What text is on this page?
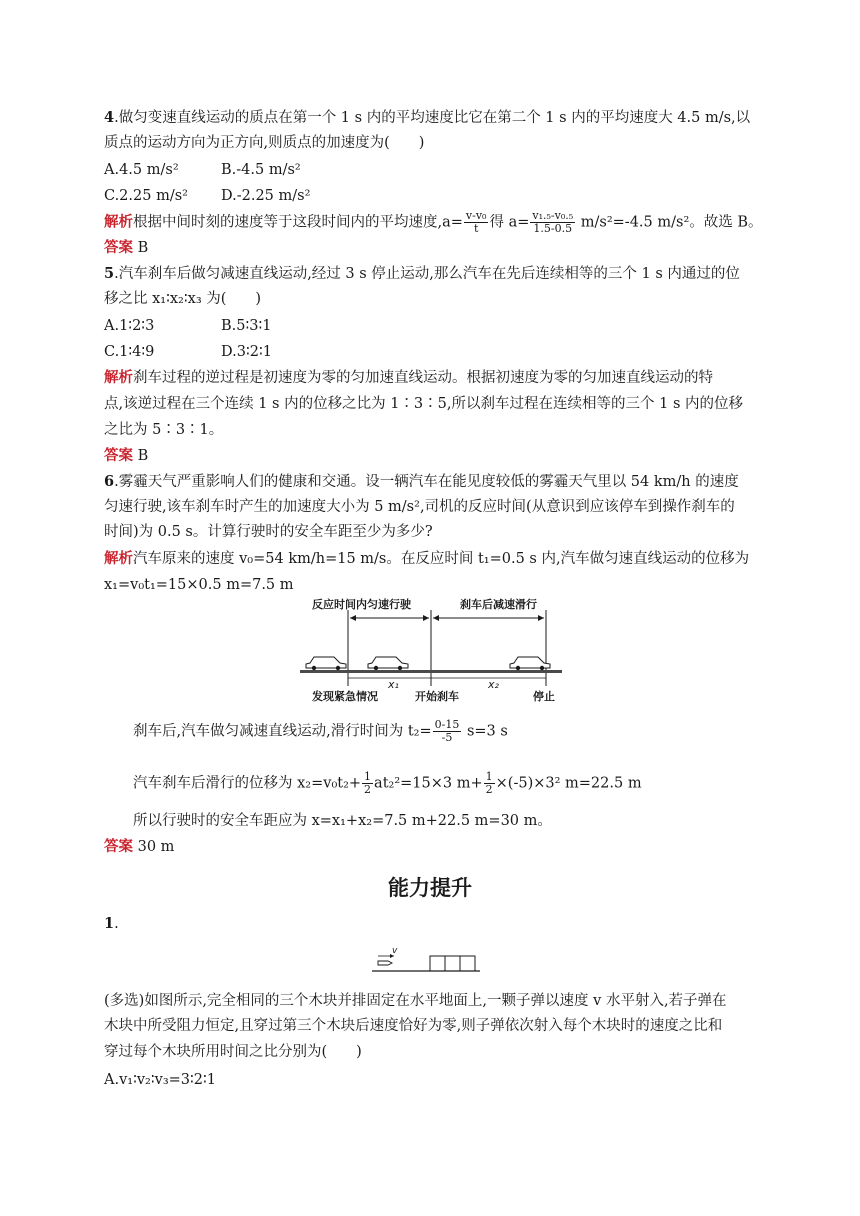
4.做匀变速直线运动的质点在第一个 1 s 内的平均速度比它在第二个 1 s 内的平均速度大 4.5 m/s,以
质点的运动方向为正方向,则质点的加速度为(　　)
A.4.5 m/s²	B.-4.5 m/s²
C.2.25 m/s² D.-2.25 m/s²
解析根据中间时刻的速度等于这段时间内的平均速度$,a= \frac{\text{v-v₀}}{t}$ 得 $a= \frac{\text{v₁.₅-v₀.₅}}{1.5-0.5} m/s^2=-4.5$ m/s²。故选 B。
答案 B
5.汽车刹车后做匀减速直线运动,经过 3 s 停止运动,那么汽车在先后连续相等的三个 1 s 内通过的位
移之比 x₁∶x₂∶x₃ 为(　　)
A.1∶2∶3	B.5∶3∶1
C.1∶4∶9	D.3∶2∶1
解析刹车过程的逆过程是初速度为零的匀加速直线运动。根据初速度为零的匀加速直线运动的特
点,该逆过程在三个连续 1 s 内的位移之比为 1∶3∶5,所以刹车过程在连续相等的三个 1 s 内的位移
之比为 5∶3∶1。
答案 B
6.雾霾天气严重影响人们的健康和交通。设一辆汽车在能见度较低的雾霾天气里以 54 km/h 的速度
匀速行驶,该车刹车时产生的加速度大小为 5 m/s²,司机的反应时间(从意识到应该停车到操作刹车的
时间)为 0.5 s。计算行驶时的安全车距至少为多少?
解析汽车原来的速度 v₀=54 km/h=15 m/s。在反应时间 t₁=0.5 s 内,汽车做匀速直线运动的位移为
x₁=v₀t₁=15×0.5 m=7.5 m
反应时间内匀速行驶	刹车后减速滑行
x₁	x₂
发现紧急情况	开始刹车	停止
刹车后,汽车做匀减速直线运动,滑行时间为 $t_2= \frac{0-15}{-5} s=3$ s
汽车刹车后滑行的位移为 $x_2=v_0t_2+ \frac{1}{2} at_2^2=15\times 3$ $m+ \frac{1}{2} \times(-5)\times 3^2$ m=22.5 m
所以行驶时的安全车距应为 x=x₁+x₂=7.5 m+22.5 m=30 m。
答案 30 m
能力提升
1.
v
(多选)如图所示,完全相同的三个木块并排固定在水平地面上,一颗子弹以速度 v 水平射入,若子弹在
木块中所受阻力恒定,且穿过第三个木块后速度恰好为零,则子弹依次射入每个木块时的速度之比和
穿过每个木块所用时间之比分别为(　　)
A.v₁∶v₂∶v₃=3∶2∶1
